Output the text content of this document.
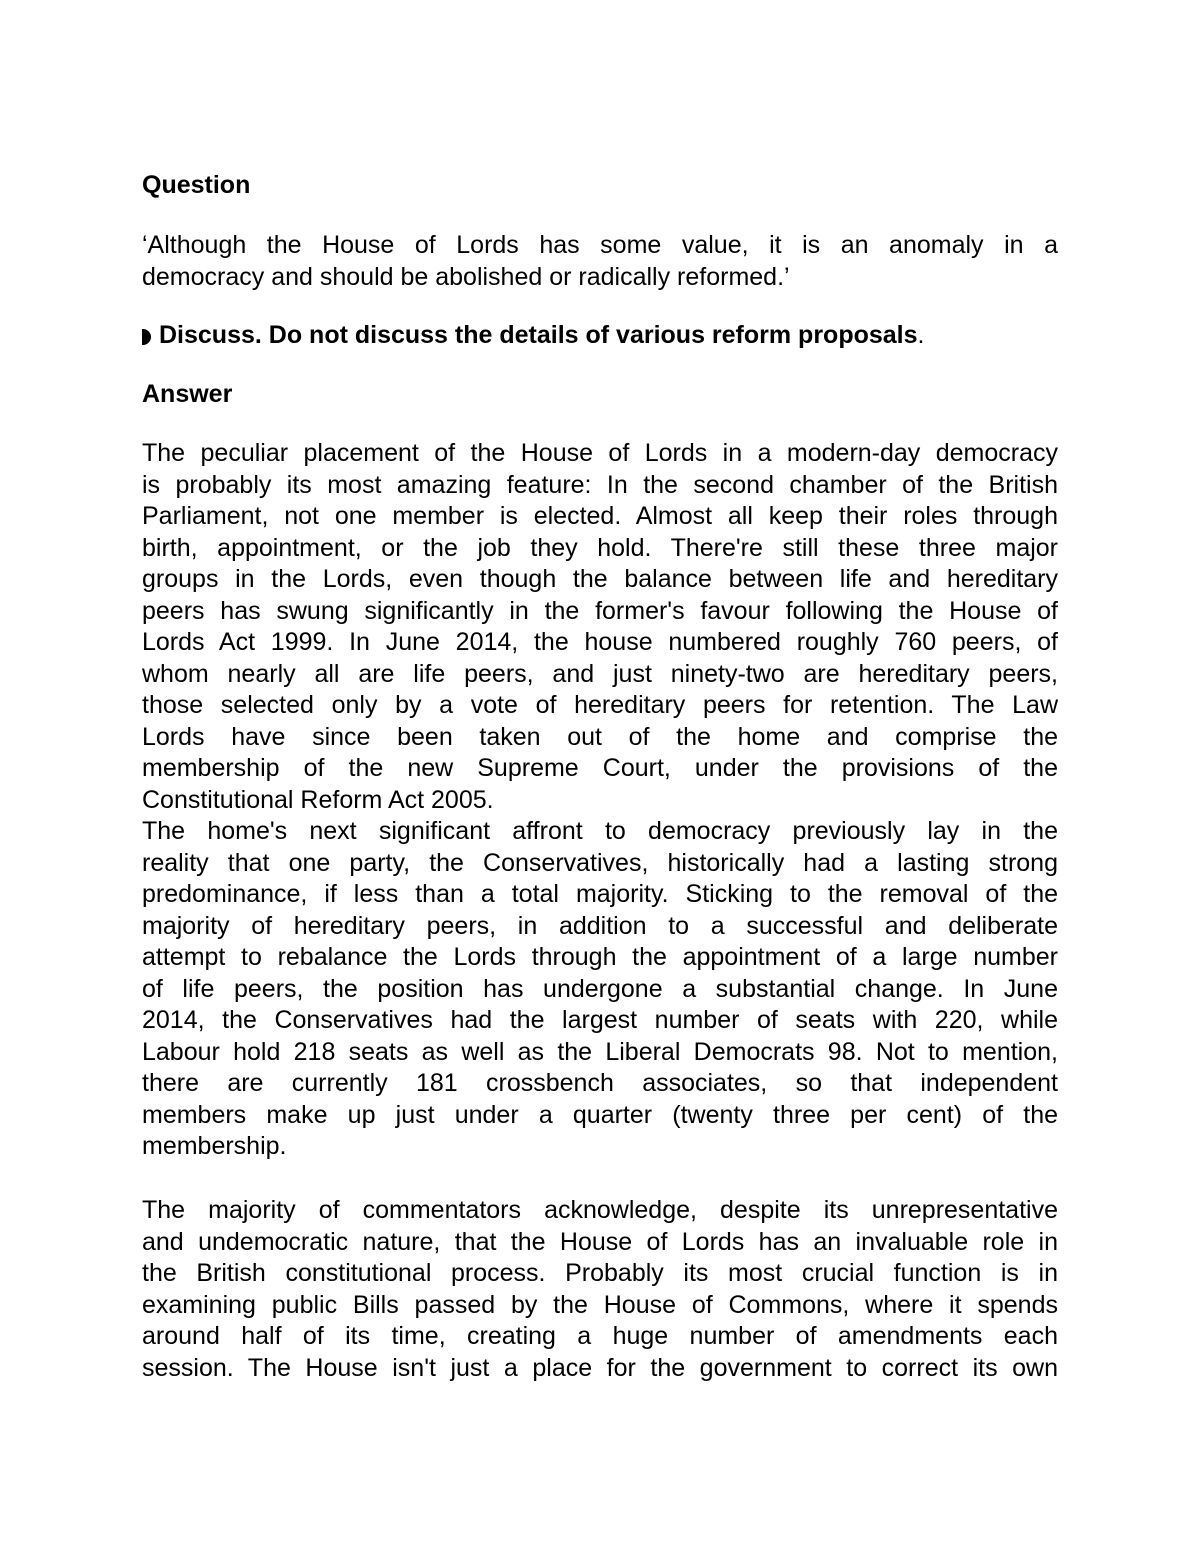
Question
‘Although the House of Lords has some value, it is an anomaly in a
democracy and should be abolished or radically reformed.’
Discuss. Do not discuss the details of various reform proposals.
Answer
The peculiar placement of the House of Lords in a modern-day democracy
is probably its most amazing feature: In the second chamber of the British
Parliament, not one member is elected. Almost all keep their roles through
birth, appointment, or the job they hold. There're still these three major
groups in the Lords, even though the balance between life and hereditary
peers has swung significantly in the former's favour following the House of
Lords Act 1999. In June 2014, the house numbered roughly 760 peers, of
whom nearly all are life peers, and just ninety-two are hereditary peers,
those selected only by a vote of hereditary peers for retention. The Law
Lords have since been taken out of the home and comprise the
membership of the new Supreme Court, under the provisions of the
Constitutional Reform Act 2005.
The home's next significant affront to democracy previously lay in the
reality that one party, the Conservatives, historically had a lasting strong
predominance, if less than a total majority. Sticking to the removal of the
majority of hereditary peers, in addition to a successful and deliberate
attempt to rebalance the Lords through the appointment of a large number
of life peers, the position has undergone a substantial change. In June
2014, the Conservatives had the largest number of seats with 220, while
Labour hold 218 seats as well as the Liberal Democrats 98. Not to mention,
there are currently 181 crossbench associates, so that independent
members make up just under a quarter (twenty three per cent) of the
membership.
The majority of commentators acknowledge, despite its unrepresentative
and undemocratic nature, that the House of Lords has an invaluable role in
the British constitutional process. Probably its most crucial function is in
examining public Bills passed by the House of Commons, where it spends
around half of its time, creating a huge number of amendments each
session. The House isn't just a place for the government to correct its own
